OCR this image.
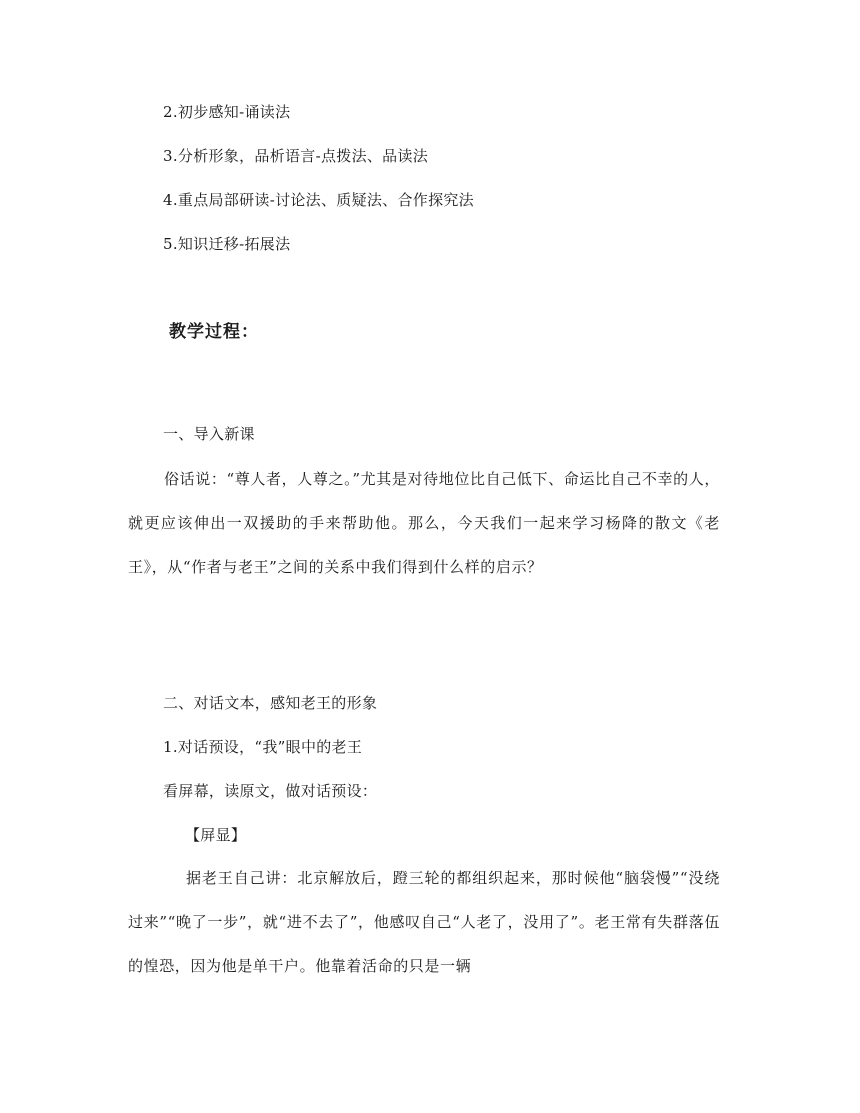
2.初步感知-诵读法
3.分析形象，品析语言-点拨法、品读法
4.重点局部研读-讨论法、质疑法、合作探究法
5.知识迁移-拓展法
教学过程：
一、导入新课
俗话说：“尊人者，人尊之。”尤其是对待地位比自己低下、命运比自己不幸的人，就更应该伸出一双援助的手来帮助他。那么，今天我们一起来学习杨降的散文《老王》，从“作者与老王”之间的关系中我们得到什么样的启示？
二、对话文本，感知老王的形象
1.对话预设，“我”眼中的老王
看屏幕，读原文，做对话预设：
【屏显】
据老王自己讲：北京解放后，蹬三轮的都组织起来，那时候他“脑袋慢”“没绕过来”“晚了一步”，就“进不去了”，他感叹自己“人老了，没用了”。老王常有失群落伍的惶恐，因为他是单干户。他靠着活命的只是一辆
